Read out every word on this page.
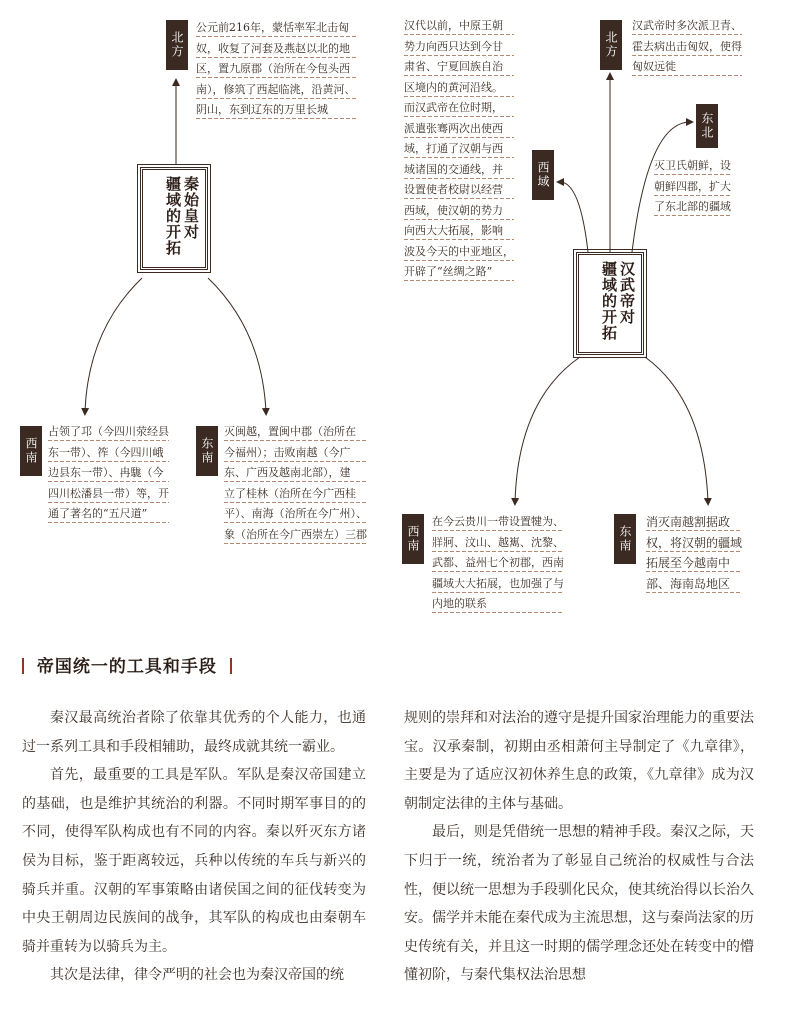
秦始皇对
疆域的开拓
北方
公元前216年，蒙恬率军北击匈
奴，收复了河套及燕赵以北的地
区，置九原郡（治所在今包头西
南），修筑了西起临洮，沿黄河、
阴山，东到辽东的万里长城
西南
占领了邛（今四川荥经县
东一带）、筰（今四川峨
边县东一带）、冉駹（今
四川松潘县一带）等，开
通了著名的“五尺道”
东南
灭闽越，置闽中郡（治所在
今福州）；击败南越（今广
东、广西及越南北部），建
立了桂林（治所在今广西桂
平）、南海（治所在今广州）、
象（治所在今广西崇左）三郡
汉代以前，中原王朝
势力向西只达到今甘
肃省、宁夏回族自治
区境内的黄河沿线。
而汉武帝在位时期，
派遣张骞两次出使西
域，打通了汉朝与西
域诸国的交通线，并
设置使者校尉以经营
西域，使汉朝的势力
向西大大拓展，影响
波及今天的中亚地区，
开辟了“丝绸之路”
西域
北方
汉武帝时多次派卫青、
霍去病出击匈奴，使得
匈奴远徙
东北
灭卫氏朝鲜，设
朝鲜四郡，扩大
了东北部的疆域
汉武帝对
疆域的开拓
西南
在今云贵川一带设置犍为、
牂牁、汶山、越嶲、沈黎、
武都、益州七个初郡，西南
疆域大大拓展，也加强了与
内地的联系
东南
消灭南越割据政
权，将汉朝的疆域
拓展至今越南中
部、海南岛地区
帝国统一的工具和手段

秦汉最高统治者除了依靠其优秀的个人能力，也通过一系列工具和手段相辅助，最终成就其统一霸业。

首先，最重要的工具是军队。军队是秦汉帝国建立的基础，也是维护其统治的利器。不同时期军事目的的不同，使得军队构成也有不同的内容。秦以歼灭东方诸侯为目标，鉴于距离较远，兵种以传统的车兵与新兴的骑兵并重。汉朝的军事策略由诸侯国之间的征伐转变为中央王朝周边民族间的战争，其军队的构成也由秦朝车骑并重转为以骑兵为主。

其次是法律，律令严明的社会也为秦汉帝国的统

规则的崇拜和对法治的遵守是提升国家治理能力的重要法宝。汉承秦制，初期由丞相萧何主导制定了《九章律》，主要是为了适应汉初休养生息的政策，《九章律》成为汉朝制定法律的主体与基础。

最后，则是凭借统一思想的精神手段。秦汉之际，天下归于一统，统治者为了彰显自己统治的权威性与合法性，便以统一思想为手段驯化民众，使其统治得以长治久安。儒学并未能在秦代成为主流思想，这与秦尚法家的历史传统有关，并且这一时期的儒学理念还处在转变中的懵懂初阶，与秦代集权法治思想
